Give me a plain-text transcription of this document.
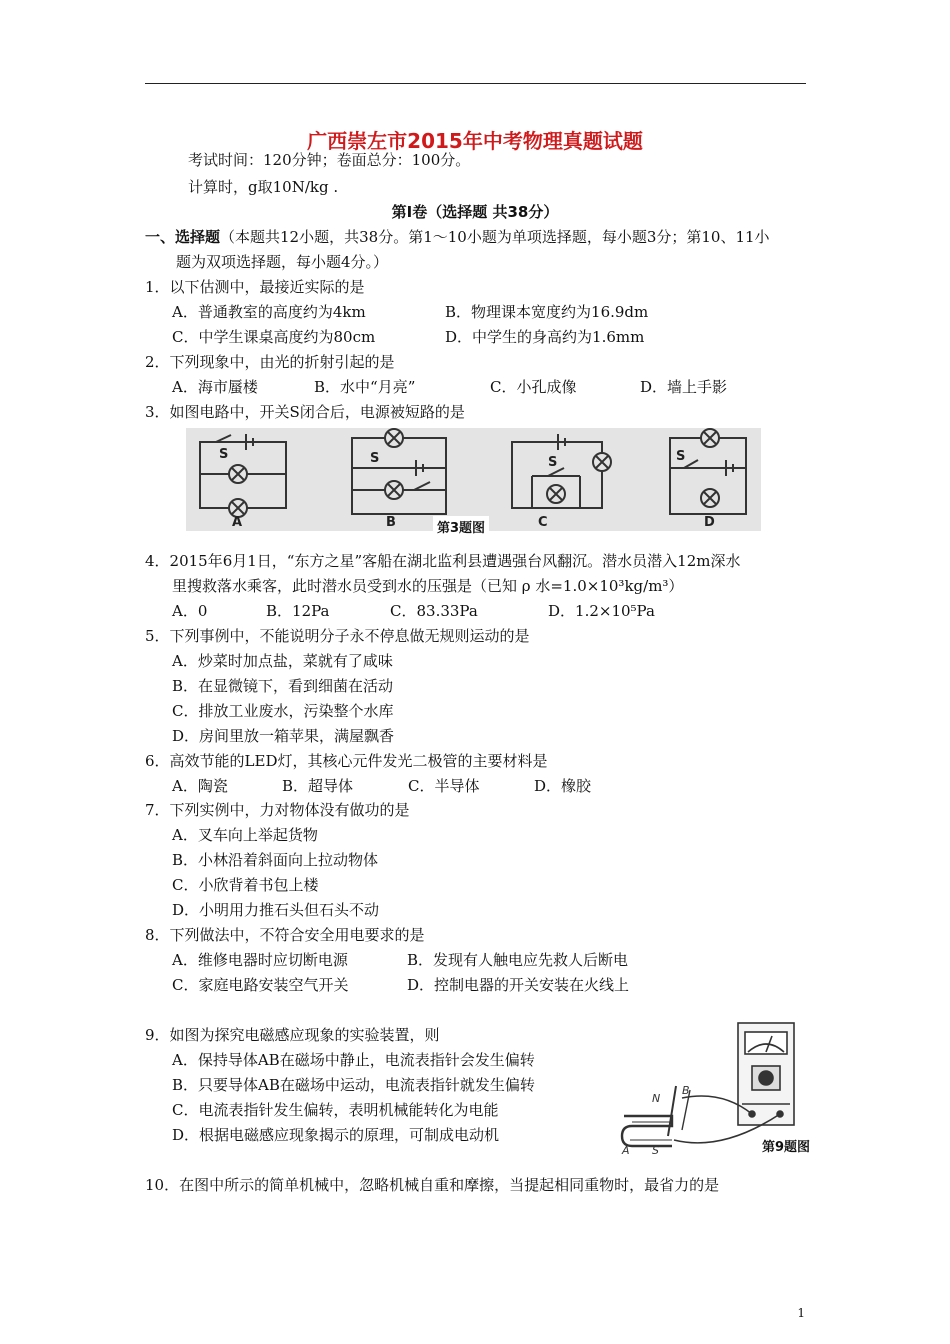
广西崇左市2015年中考物理真题试题
考试时间：120分钟；卷面总分：100分。
计算时，g取10N/kg .
第Ⅰ卷（选择题 共38分）
一、选择题（本题共12小题，共38分。第1～10小题为单项选择题，每小题3分；第10、11小
题为双项选择题，每小题4分。）
1．以下估测中，最接近实际的是
A．普通教室的高度约为4km	B．物理课本宽度约为16.9dm
C．中学生课桌高度约为80cm	D．中学生的身高约为1.6mm
2．下列现象中，由光的折射引起的是
A．海市蜃楼	B．水中“月亮”	C．小孔成像	D．墙上手影
3．如图电路中，开关S闭合后，电源被短路的是
S	S	S	S
A	B	C	D
第3题图
4．2015年6月1日，“东方之星”客船在湖北监利县遭遇强台风翻沉。潜水员潜入12m深水
里搜救落水乘客，此时潜水员受到水的压强是（已知 ρ 水=1.0×10³kg/m³）
A．0	B．12Pa	C．83.33Pa	D．1.2×10⁵Pa
5．下列事例中，不能说明分子永不停息做无规则运动的是
A．炒菜时加点盐，菜就有了咸味
B．在显微镜下，看到细菌在活动
C．排放工业废水，污染整个水库
D．房间里放一箱苹果，满屋飘香
6．高效节能的LED灯，其核心元件发光二极管的主要材料是
A．陶瓷	B．超导体	C．半导体	D．橡胶
7．下列实例中，力对物体没有做功的是
A．叉车向上举起货物
B．小林沿着斜面向上拉动物体
C．小欣背着书包上楼
D．小明用力推石头但石头不动
8．下列做法中，不符合安全用电要求的是
A．维修电器时应切断电源	B．发现有人触电应先救人后断电
C．家庭电路安装空气开关	D．控制电器的开关安装在火线上
9．如图为探究电磁感应现象的实验装置，则
A．保持导体AB在磁场中静止，电流表指针会发生偏转
B．只要导体AB在磁场中运动，电流表指针就发生偏转
C．电流表指针发生偏转，表明机械能转化为电能
D．根据电磁感应现象揭示的原理，可制成电动机
N
B
A S	第9题图
10．在图中所示的简单机械中，忽略机械自重和摩擦，当提起相同重物时，最省力的是
1
